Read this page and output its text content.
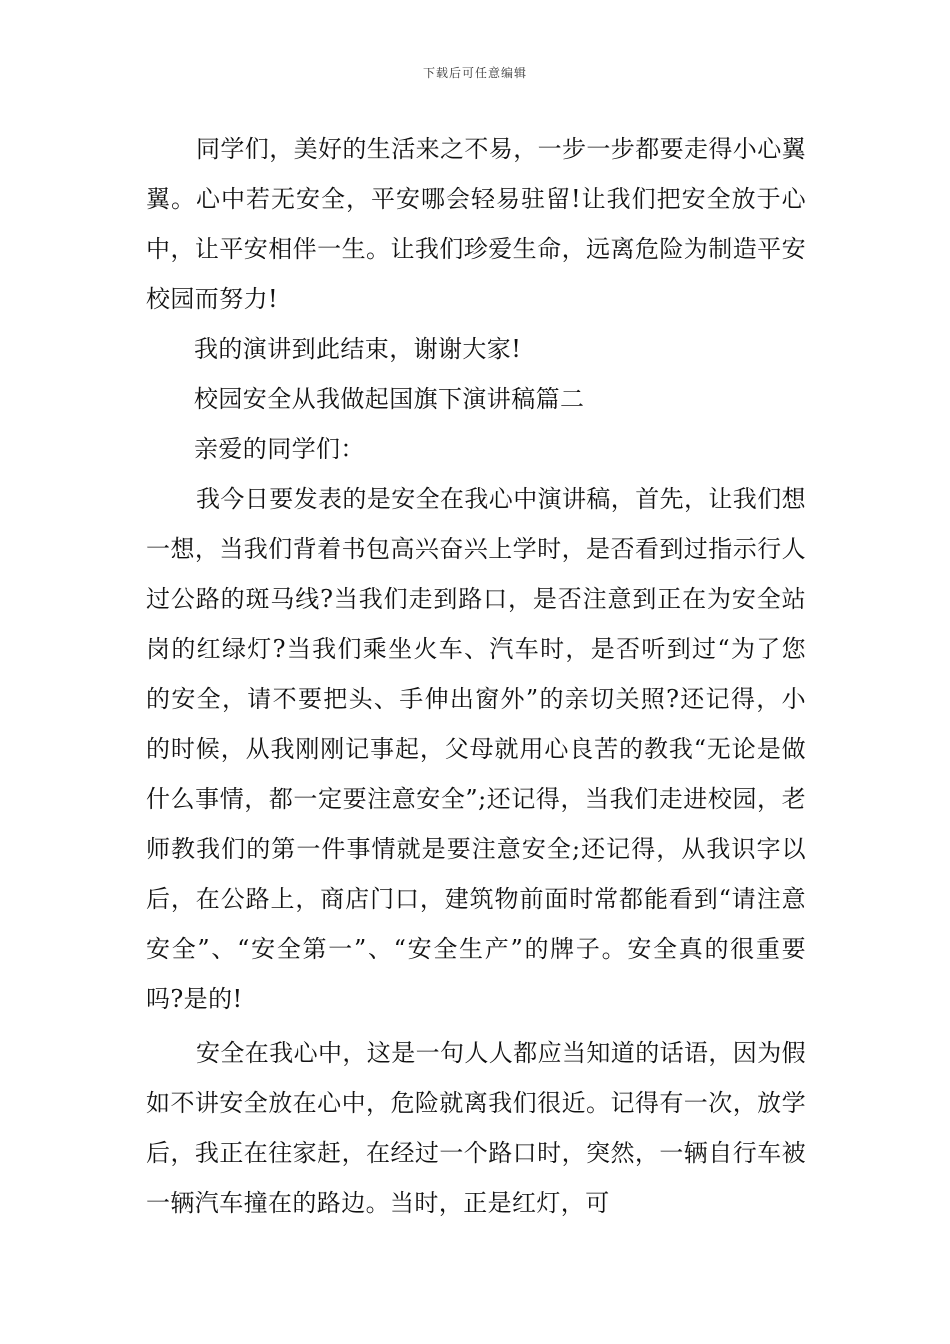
下载后可任意编辑

同学们，美好的生活来之不易，一步一步都要走得小心翼翼。心中若无安全，平安哪会轻易驻留!让我们把安全放于心中，让平安相伴一生。让我们珍爱生命，远离危险为制造平安校园而努力!

我的演讲到此结束，谢谢大家!

校园安全从我做起国旗下演讲稿篇二

亲爱的同学们：

我今日要发表的是安全在我心中演讲稿，首先，让我们想一想，当我们背着书包高兴奋兴上学时，是否看到过指示行人过公路的斑马线?当我们走到路口，是否注意到正在为安全站岗的红绿灯?当我们乘坐火车、汽车时，是否听到过“为了您的安全，请不要把头、手伸出窗外”的亲切关照?还记得，小的时候，从我刚刚记事起，父母就用心良苦的教我“无论是做什么事情，都一定要注意安全”;还记得，当我们走进校园，老师教我们的第一件事情就是要注意安全;还记得，从我识字以后，在公路上，商店门口，建筑物前面时常都能看到“请注意安全”、“安全第一”、“安全生产”的牌子。安全真的很重要吗?是的!

安全在我心中，这是一句人人都应当知道的话语，因为假如不讲安全放在心中，危险就离我们很近。记得有一次，放学后，我正在往家赶，在经过一个路口时，突然，一辆自行车被一辆汽车撞在的路边。当时，正是红灯，可
